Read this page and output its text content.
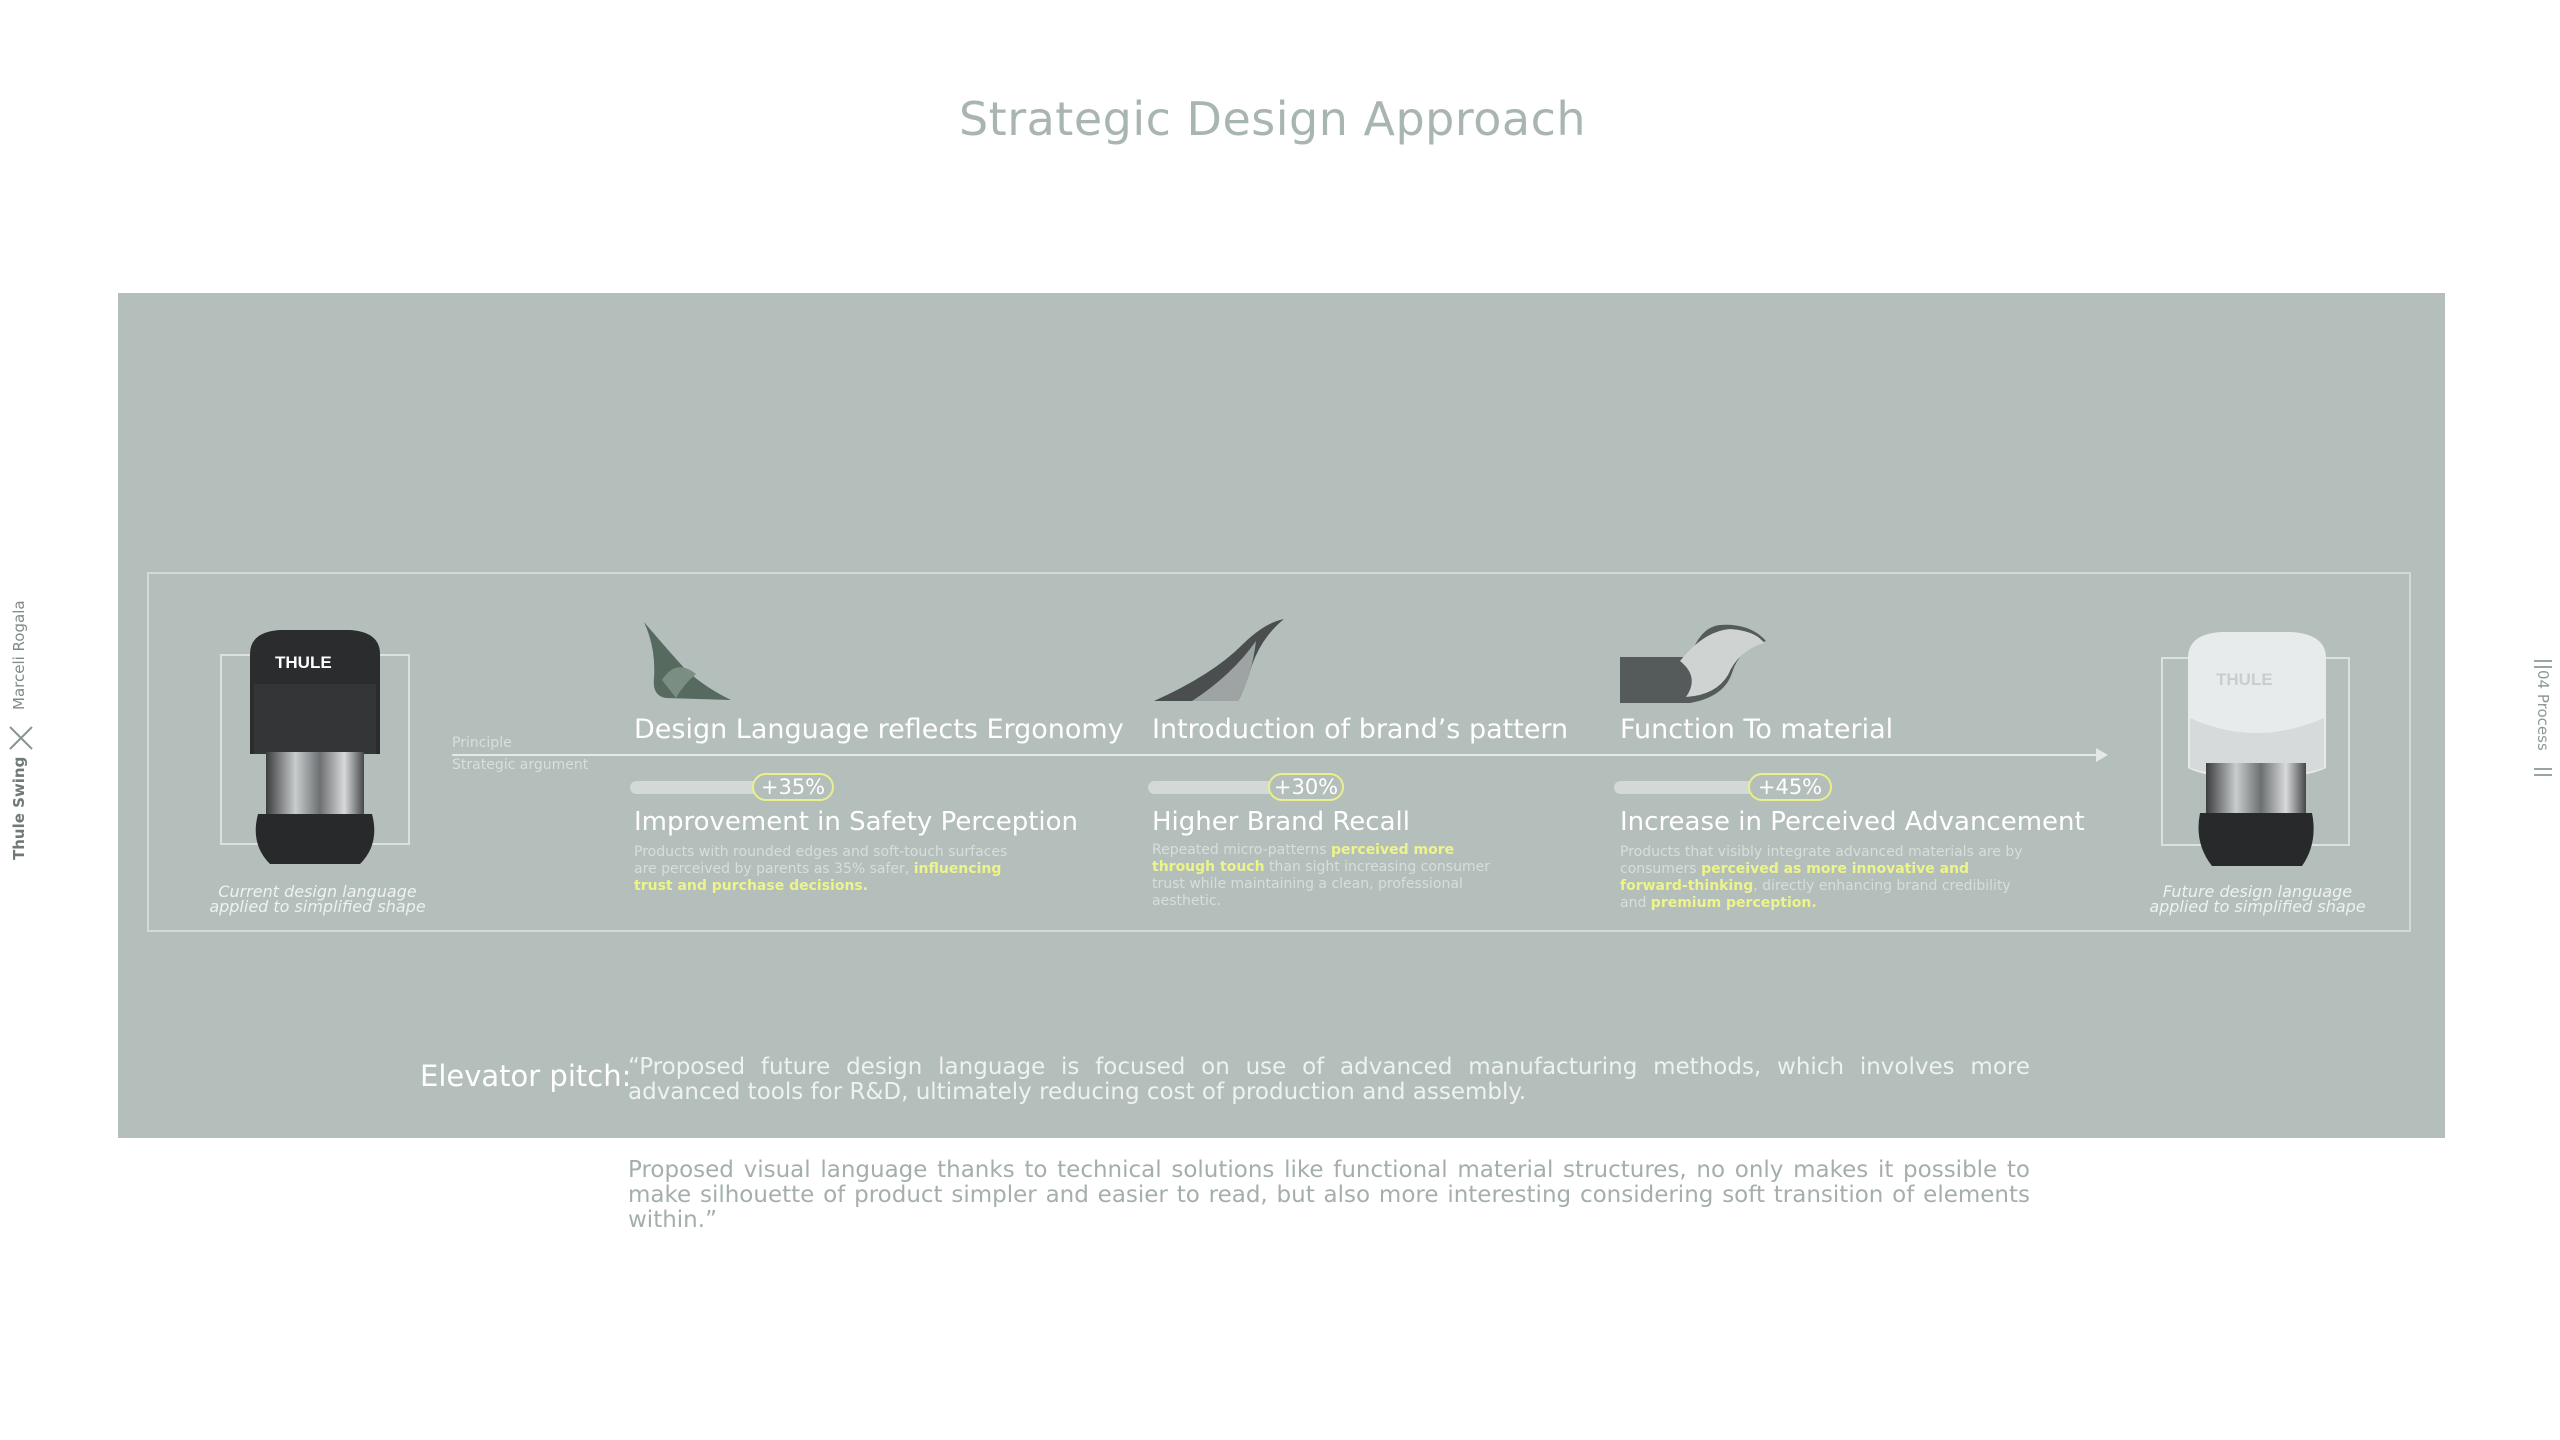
Strategic Design Approach
Marceli Rogala
Thule Swing
04 Process
THULE
Current design language
applied to simplified shape
THULE
Future design language
applied to simplified shape
Principle
Strategic argument
Design Language reflects Ergonomy
+35%
Improvement in Safety Perception
Products with rounded edges and soft-touch surfaces are perceived by parents as 35% safer, influencing trust and purchase decisions.
Introduction of brand’s pattern
+30%
Higher Brand Recall
Repeated micro-patterns perceived more through touch than sight increasing consumer trust while maintaining a clean, professional aesthetic.
Function To material
+45%
Increase in Perceived Advancement
Products that visibly integrate advanced materials are by consumers perceived as more innovative and forward-thinking, directly enhancing brand credibility and premium perception.
Elevator pitch:
“Proposed future design language is focused on use of advanced manufacturing methods, which involves more advanced tools for R&D, ultimately reducing cost of production and assembly.
Proposed visual language thanks to technical solutions like functional material structures, no only makes it possible to make silhouette of product simpler and easier to read, but also more interesting considering soft transition of elements within.”
